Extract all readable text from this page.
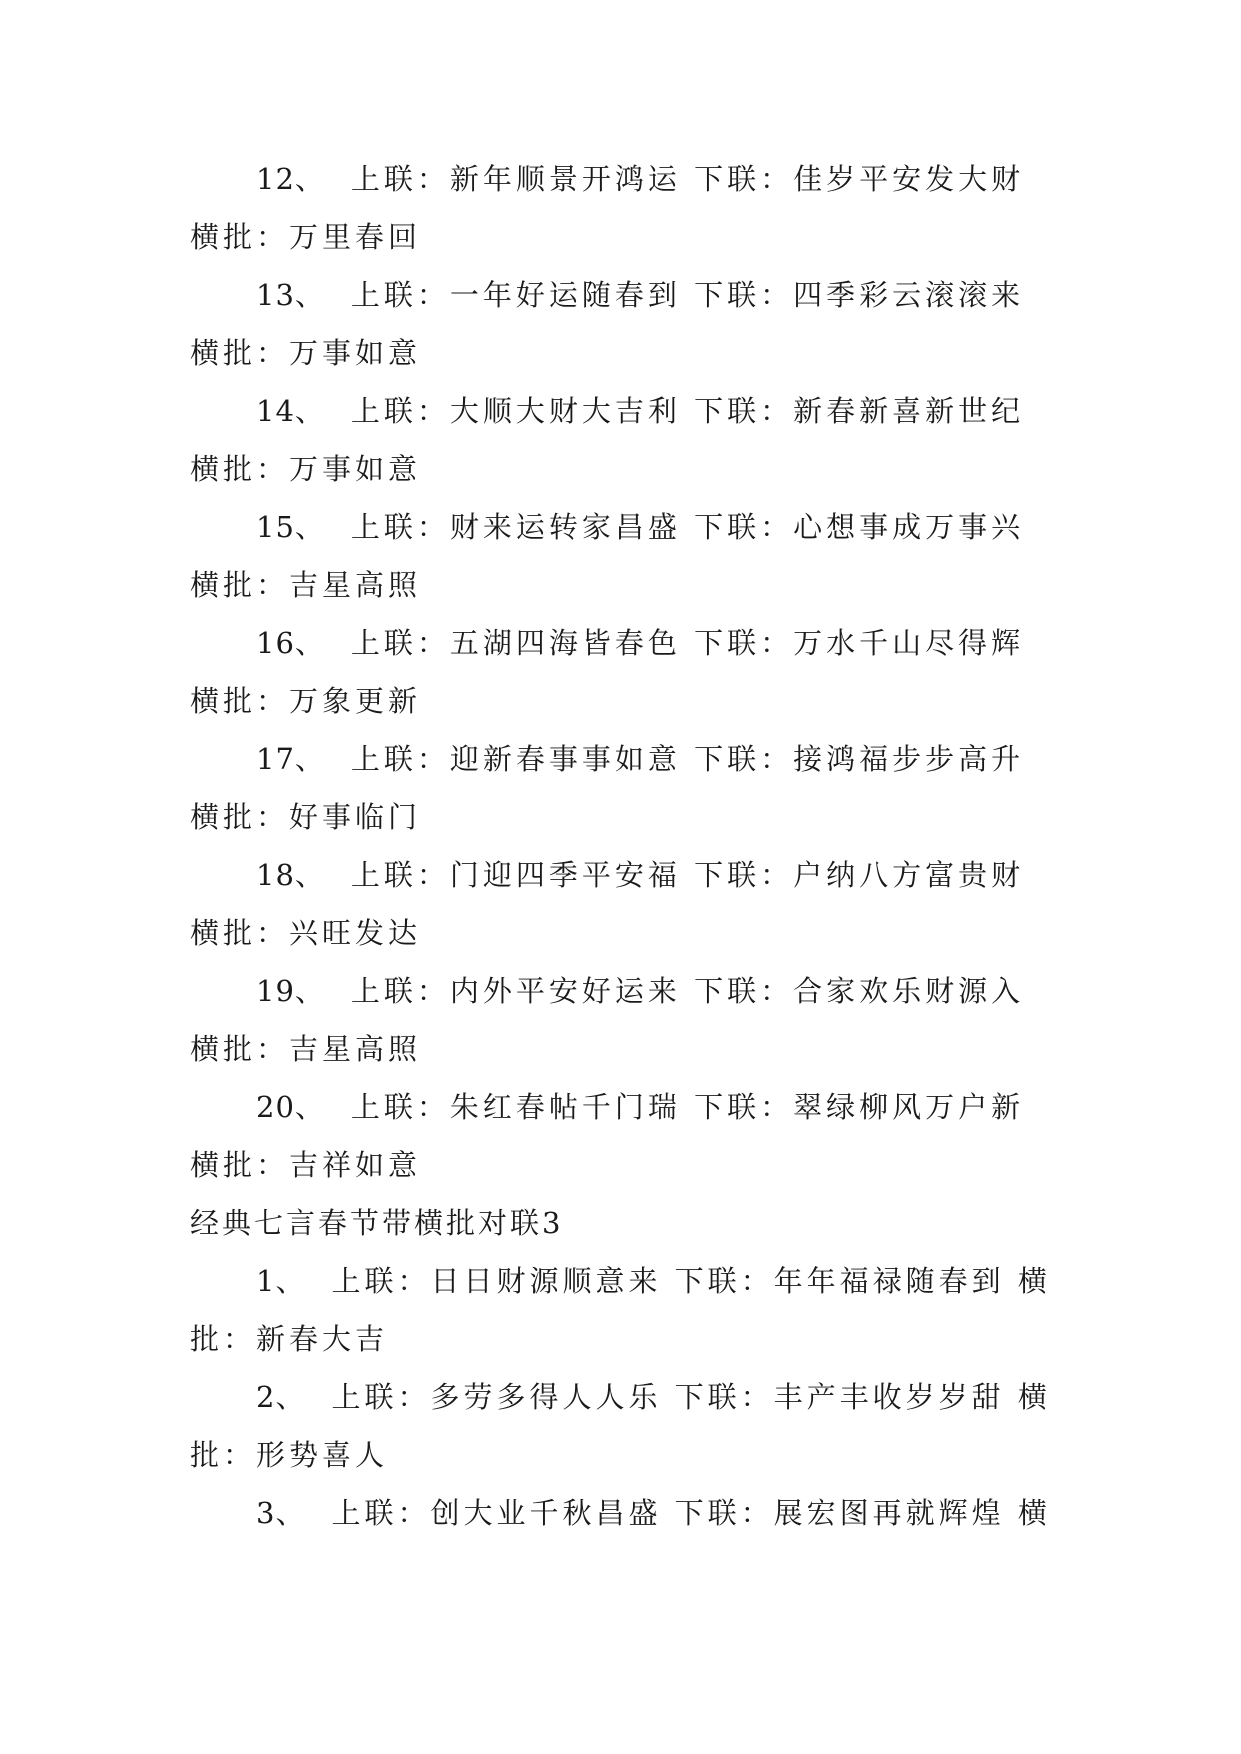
12、 上联：新年顺景开鸿运 下联：佳岁平安发大财
横批：万里春回
13、 上联：一年好运随春到 下联：四季彩云滚滚来
横批：万事如意
14、 上联：大顺大财大吉利 下联：新春新喜新世纪
横批：万事如意
15、 上联：财来运转家昌盛 下联：心想事成万事兴
横批：吉星高照
16、 上联：五湖四海皆春色 下联：万水千山尽得辉
横批：万象更新
17、 上联：迎新春事事如意 下联：接鸿福步步高升
横批：好事临门
18、 上联：门迎四季平安福 下联：户纳八方富贵财
横批：兴旺发达
19、 上联：内外平安好运来 下联：合家欢乐财源入
横批：吉星高照
20、 上联：朱红春帖千门瑞 下联：翠绿柳风万户新
横批：吉祥如意
经典七言春节带横批对联3
1、 上联：日日财源顺意来 下联：年年福禄随春到 横
批：新春大吉
2、 上联：多劳多得人人乐 下联：丰产丰收岁岁甜 横
批：形势喜人
3、 上联：创大业千秋昌盛 下联：展宏图再就辉煌 横
